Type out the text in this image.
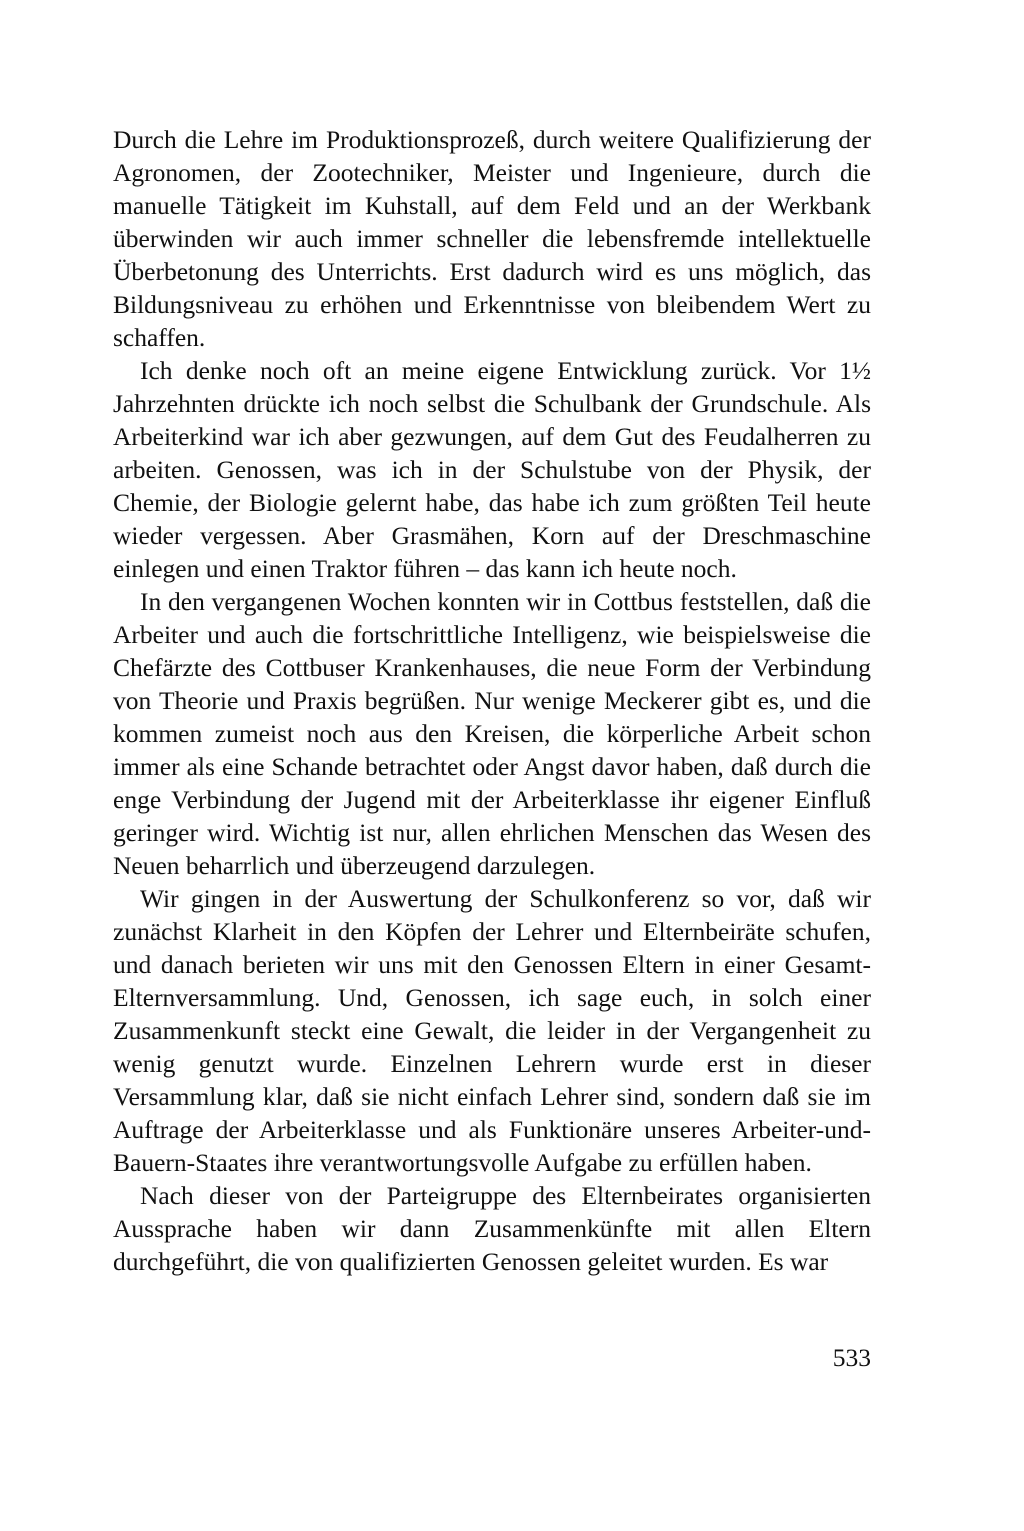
Durch die Lehre im Produktionsprozeß, durch weitere Qualifizierung der Agronomen, der Zootechniker, Meister und Ingenieure, durch die manuelle Tätigkeit im Kuhstall, auf dem Feld und an der Werkbank überwinden wir auch immer schneller die lebensfremde intellektuelle Überbetonung des Unterrichts. Erst dadurch wird es uns möglich, das Bildungsniveau zu erhöhen und Erkenntnisse von bleibendem Wert zu schaffen.

Ich denke noch oft an meine eigene Entwicklung zurück. Vor 1½ Jahrzehnten drückte ich noch selbst die Schulbank der Grundschule. Als Arbeiterkind war ich aber gezwungen, auf dem Gut des Feudalherren zu arbeiten. Genossen, was ich in der Schulstube von der Physik, der Chemie, der Biologie gelernt habe, das habe ich zum größten Teil heute wieder vergessen. Aber Grasmähen, Korn auf der Dreschmaschine einlegen und einen Traktor führen – das kann ich heute noch.

In den vergangenen Wochen konnten wir in Cottbus feststellen, daß die Arbeiter und auch die fortschrittliche Intelligenz, wie beispielsweise die Chefärzte des Cottbuser Krankenhauses, die neue Form der Verbindung von Theorie und Praxis begrüßen. Nur wenige Meckerer gibt es, und die kommen zumeist noch aus den Kreisen, die körperliche Arbeit schon immer als eine Schande betrachtet oder Angst davor haben, daß durch die enge Verbindung der Jugend mit der Arbeiterklasse ihr eigener Einfluß geringer wird. Wichtig ist nur, allen ehrlichen Menschen das Wesen des Neuen beharrlich und überzeugend darzulegen.

Wir gingen in der Auswertung der Schulkonferenz so vor, daß wir zunächst Klarheit in den Köpfen der Lehrer und Elternbeiräte schufen, und danach berieten wir uns mit den Genossen Eltern in einer Gesamt-Elternversammlung. Und, Genossen, ich sage euch, in solch einer Zusammenkunft steckt eine Gewalt, die leider in der Vergangenheit zu wenig genutzt wurde. Einzelnen Lehrern wurde erst in dieser Versammlung klar, daß sie nicht einfach Lehrer sind, sondern daß sie im Auftrage der Arbeiterklasse und als Funktionäre unseres Arbeiter-und-Bauern-Staates ihre verantwortungsvolle Aufgabe zu erfüllen haben.

Nach dieser von der Parteigruppe des Elternbeirates organisierten Aussprache haben wir dann Zusammenkünfte mit allen Eltern durchgeführt, die von qualifizierten Genossen geleitet wurden. Es war

533
